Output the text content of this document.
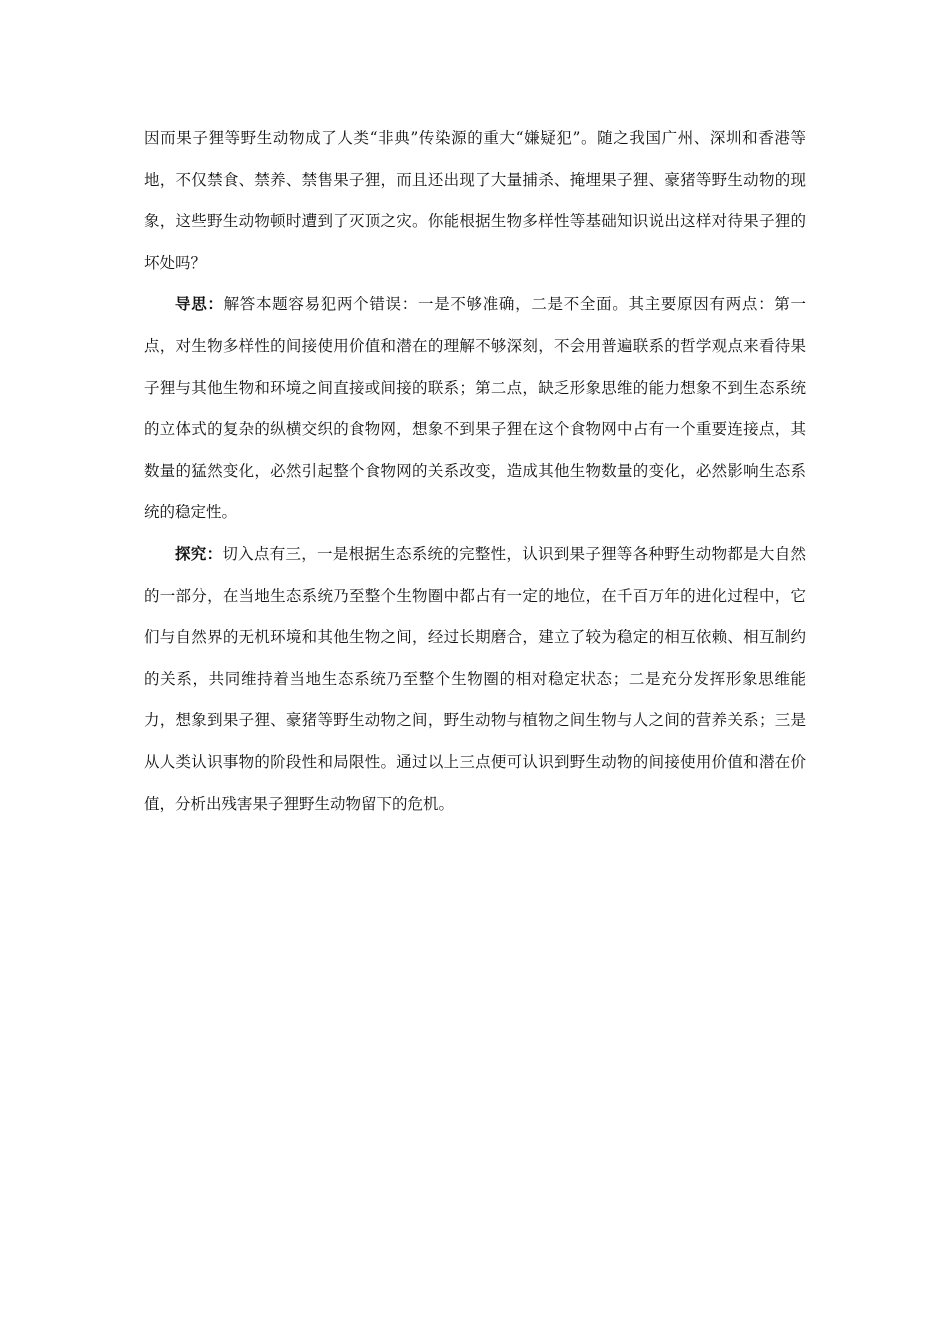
因而果子狸等野生动物成了人类“非典”传染源的重大“嫌疑犯”。随之我国广州、深圳和香港等地，不仅禁食、禁养、禁售果子狸，而且还出现了大量捕杀、掩埋果子狸、豪猪等野生动物的现象，这些野生动物顿时遭到了灭顶之灾。你能根据生物多样性等基础知识说出这样对待果子狸的坏处吗？

导思：解答本题容易犯两个错误：一是不够准确，二是不全面。其主要原因有两点：第一点，对生物多样性的间接使用价值和潜在的理解不够深刻，不会用普遍联系的哲学观点来看待果子狸与其他生物和环境之间直接或间接的联系；第二点，缺乏形象思维的能力想象不到生态系统的立体式的复杂的纵横交织的食物网，想象不到果子狸在这个食物网中占有一个重要连接点，其数量的猛然变化，必然引起整个食物网的关系改变，造成其他生物数量的变化，必然影响生态系统的稳定性。

探究：切入点有三，一是根据生态系统的完整性，认识到果子狸等各种野生动物都是大自然的一部分，在当地生态系统乃至整个生物圈中都占有一定的地位，在千百万年的进化过程中，它们与自然界的无机环境和其他生物之间，经过长期磨合，建立了较为稳定的相互依赖、相互制约的关系，共同维持着当地生态系统乃至整个生物圈的相对稳定状态；二是充分发挥形象思维能力，想象到果子狸、豪猪等野生动物之间，野生动物与植物之间生物与人之间的营养关系；三是从人类认识事物的阶段性和局限性。通过以上三点便可认识到野生动物的间接使用价值和潜在价值，分析出残害果子狸野生动物留下的危机。
